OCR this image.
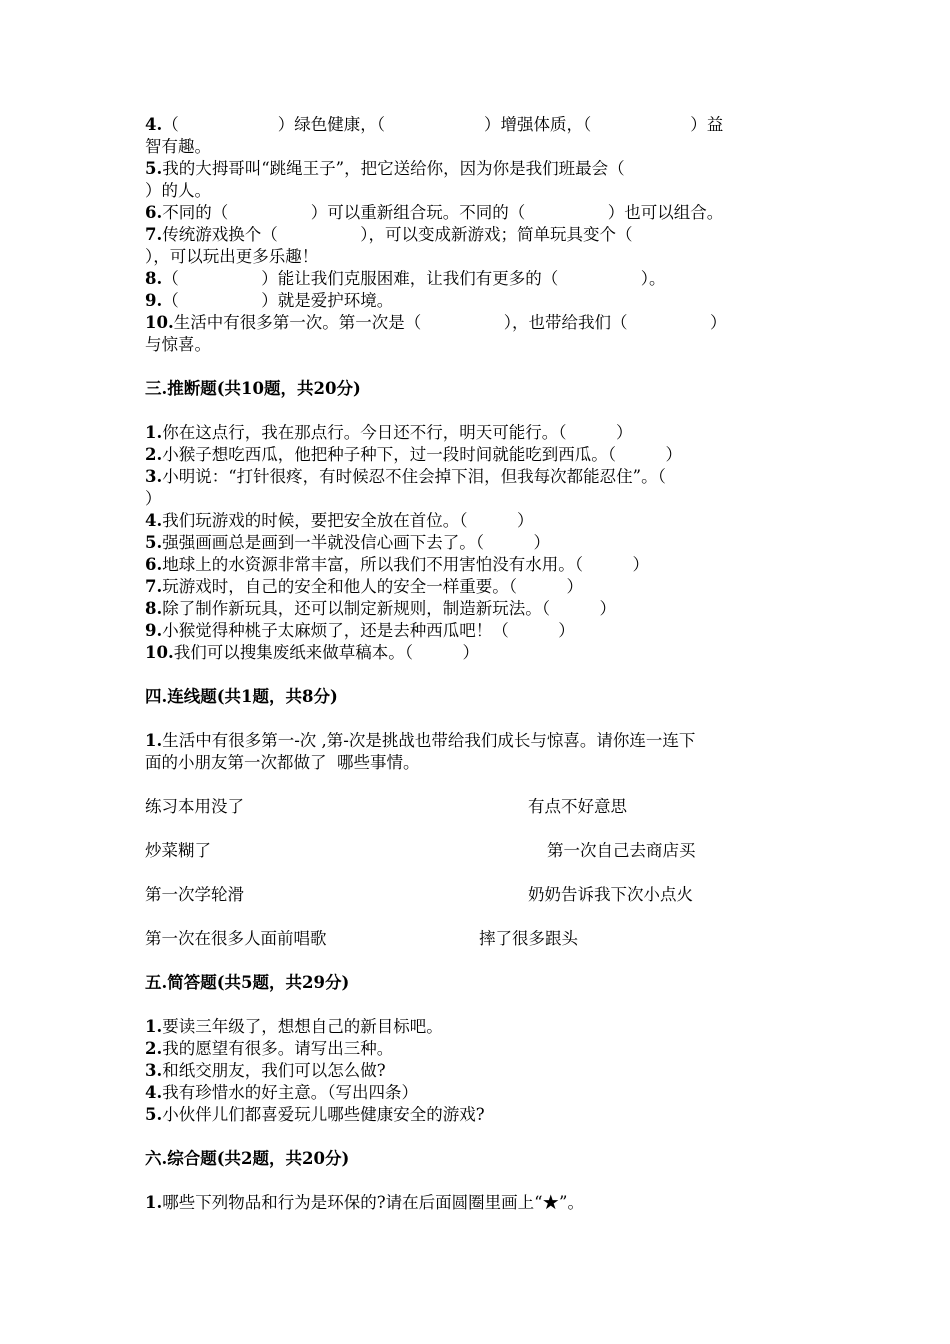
4.（　　　　　　）绿色健康，（　　　　　　）增强体质，（　　　　　　）益

智有趣。

5.我的大拇哥叫“跳绳王子”，把它送给你，因为你是我们班最会（

）的人。

6.不同的（　　　　　）可以重新组合玩。不同的（　　　　　）也可以组合。

7.传统游戏换个（　　　　　），可以变成新游戏；简单玩具变个（

），可以玩出更多乐趣！

8.（　　　　　）能让我们克服困难，让我们有更多的（　　　　　）。

9.（　　　　　）就是爱护环境。

10.生活中有很多第一次。第一次是（　　　　　），也带给我们（　　　　　）

与惊喜。

三.推断题(共10题，共20分)

1.你在这点行，我在那点行。今日还不行，明天可能行。（　　　）

2.小猴子想吃西瓜，他把种子种下，过一段时间就能吃到西瓜。（　　　）

3.小明说：“打针很疼，有时候忍不住会掉下泪，但我每次都能忍住”。（

）

4.我们玩游戏的时候，要把安全放在首位。（　　　）

5.强强画画总是画到一半就没信心画下去了。（　　　）

6.地球上的水资源非常丰富，所以我们不用害怕没有水用。（　　　）

7.玩游戏时，自己的安全和他人的安全一样重要。（　　　）

8.除了制作新玩具，还可以制定新规则，制造新玩法。（　　　）

9.小猴觉得种桃子太麻烦了，还是去种西瓜吧！（　　　）

10.我们可以搜集废纸来做草稿本。（　　　）

四.连线题(共1题，共8分)

1.生活中有很多第一-次 ,第-次是挑战也带给我们成长与惊喜。请你连一连下

面的小朋友第一次都做了  哪些事情。

练习本用没了

	有点不好意思

炒菜糊了

	第一次自己去商店买

第一次学轮滑

	奶奶告诉我下次小点火

第一次在很多人面前唱歌

	摔了很多跟头

五.简答题(共5题，共29分)

1.要读三年级了，想想自己的新目标吧。

2.我的愿望有很多。请写出三种。

3.和纸交朋友，我们可以怎么做?

4.我有珍惜水的好主意。（写出四条）

5.小伙伴儿们都喜爱玩儿哪些健康安全的游戏?

六.综合题(共2题，共20分)

1.哪些下列物品和行为是环保的?请在后面圆圈里画上“★”。
